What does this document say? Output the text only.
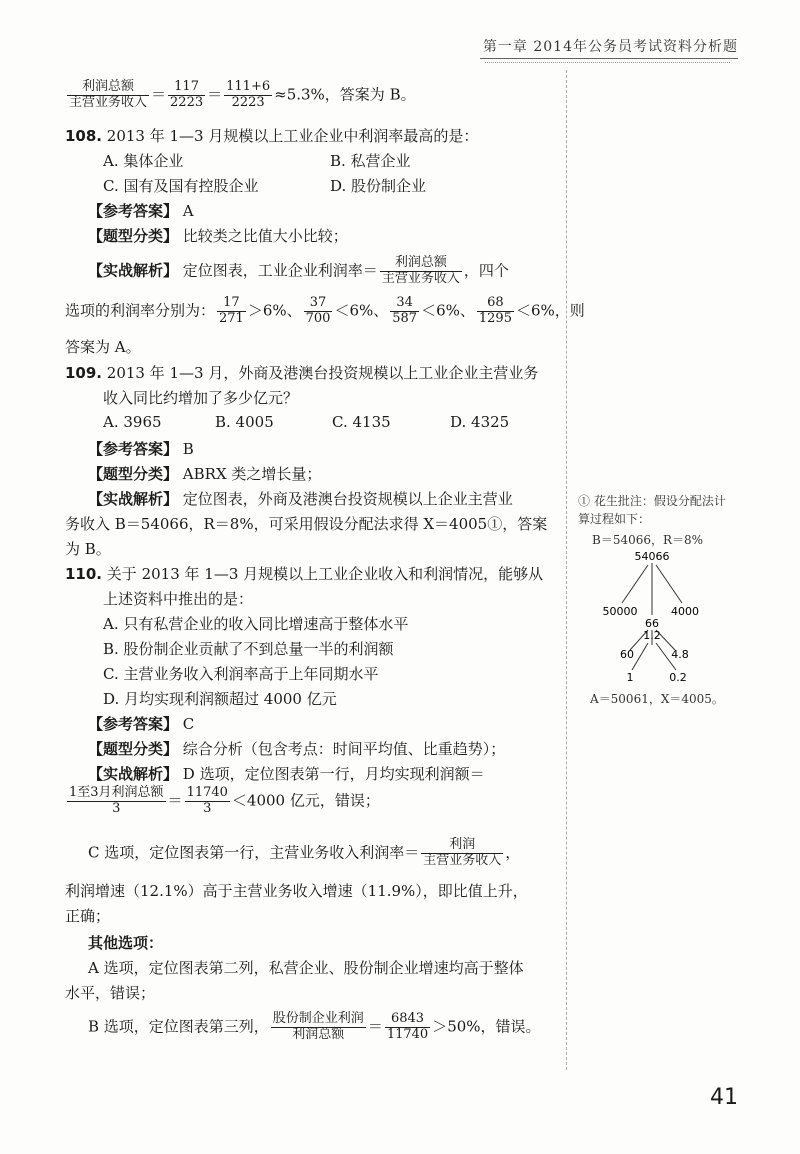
第一章 2014年公务员考试资料分析题
$\frac{\text{利润总额}}{\text{主营业务收入}} = \frac{117}{2223} = \frac{111+6}{2223} \approx 5.3\%$，答案为 B。
108. 2013 年 1—3 月规模以上工业企业中利润率最高的是：
A. 集体企业	B. 私营企业
C. 国有及国有控股企业	D. 股份制企业
【参考答案】 A
【题型分类】 比较类之比值大小比较；
【实战解析】 定位图表，工业企业利润率＝ $\frac{\text{利润总额}}{\text{主营业务收入}}$ ，四个
选项的利润率分别为： $\frac{17}{271} >6\%$、 $\frac{37}{700} <6\%$、 $\frac{34}{587} <6\%$、 $\frac{68}{1295} <6\%$，则
答案为 A。
109. 2013 年 1—3 月，外商及港澳台投资规模以上工业企业主营业务
收入同比约增加了多少亿元？
A. 3965	B. 4005	C. 4135	D. 4325
【参考答案】 B
【题型分类】 ABRX 类之增长量；
【实战解析】 定位图表，外商及港澳台投资规模以上企业主营业
务收入 B＝54066，R＝8%，可采用假设分配法求得 X＝4005①，答案
为 B。
110. 关于 2013 年 1—3 月规模以上工业企业收入和利润情况，能够从
上述资料中推出的是：
A. 只有私营企业的收入同比增速高于整体水平
B. 股份制企业贡献了不到总量一半的利润额
C. 主营业务收入利润率高于上年同期水平
D. 月均实现利润额超过 4000 亿元
【参考答案】 C
【题型分类】 综合分析（包含考点：时间平均值、比重趋势）；
【实战解析】 D 选项，定位图表第一行，月均实现利润额＝
$\frac{\text{1至3月利润总额}}{3} = \frac{11740}{3} <4000$ 亿元，错误；
C 选项，定位图表第一行，主营业务收入利润率＝ $\frac{\text{利润}}{\text{主营业务收入}}$ ，
利润增速（12.1%）高于主营业务收入增速（11.9%），即比值上升，
正确；
其他选项：
A 选项，定位图表第二列，私营企业、股份制企业增速均高于整体
水平，错误；
B 选项，定位图表第三列， $\frac{\text{股份制企业利润}}{\text{利润总额}} = \frac{6843}{11740} >50\%$，错误。
① 花生批注：假设分配法计
算过程如下：
B＝54066，R＝8%
54066
50000	4000
66
60	4.8
1.2
1	0.2
A＝50061，X＝4005。
41
